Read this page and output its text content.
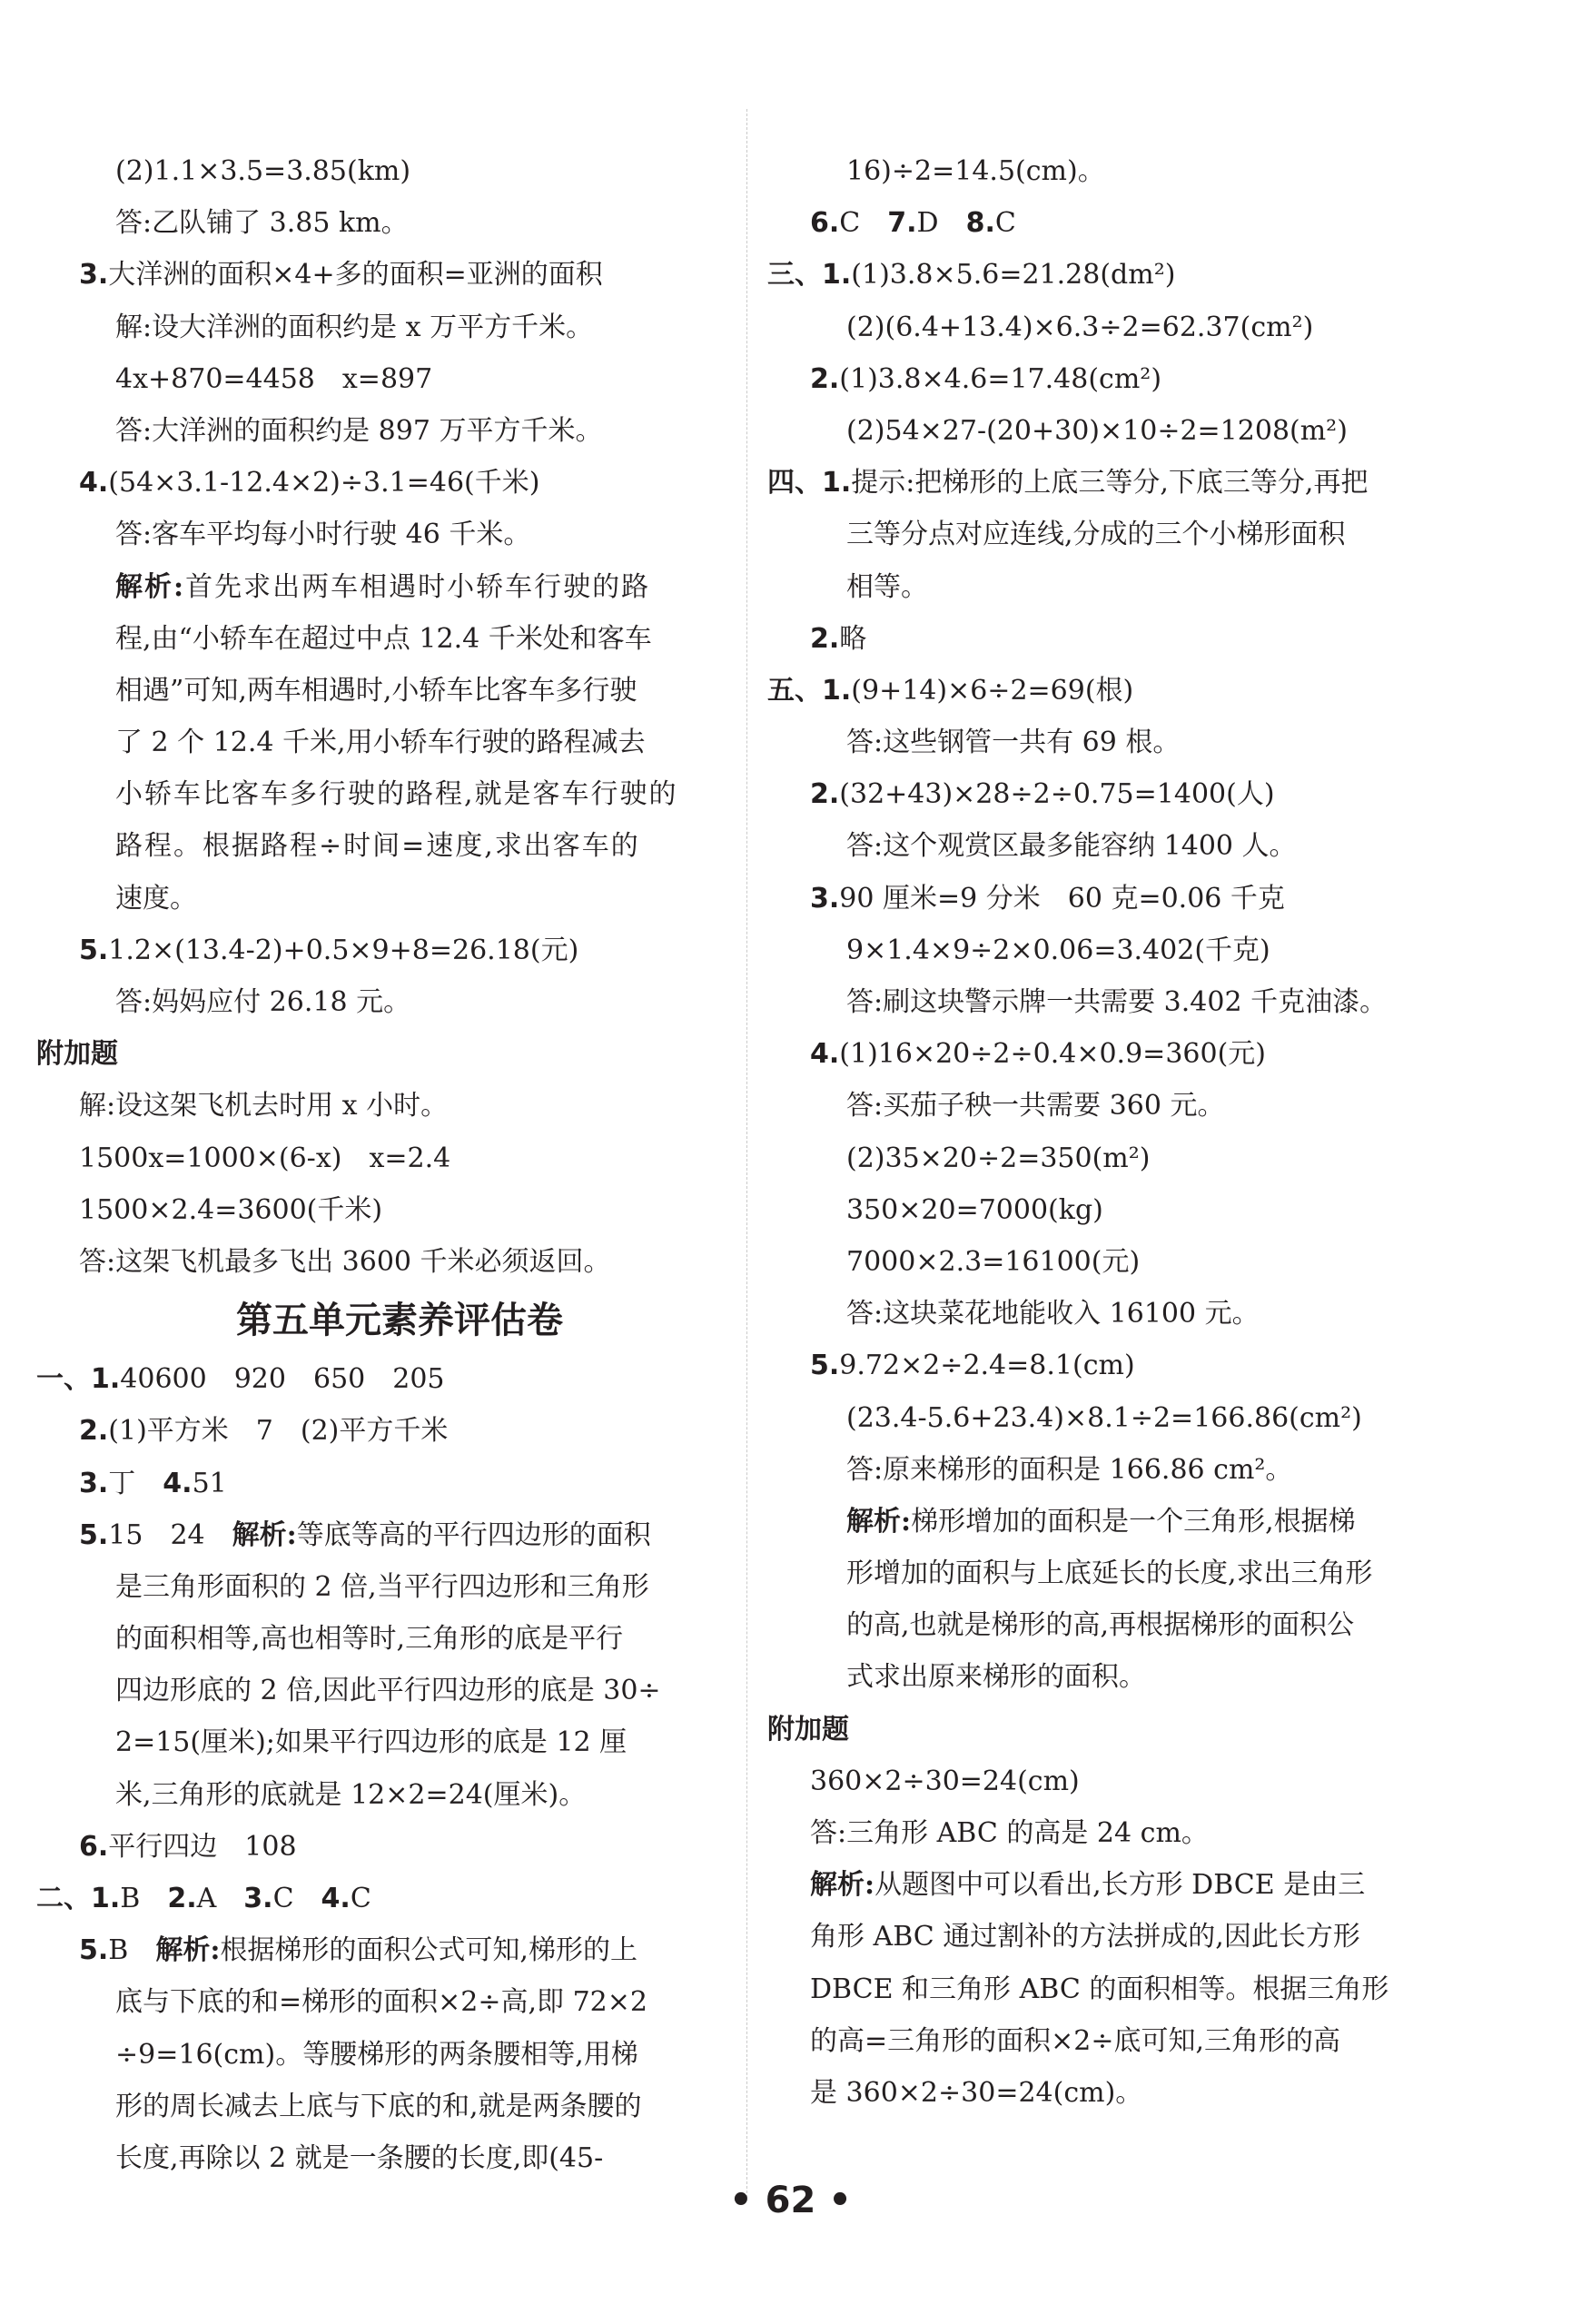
(2)1.1×3.5=3.85(km)
答:乙队铺了 3.85 km。
3.大洋洲的面积×4+多的面积=亚洲的面积
解:设大洋洲的面积约是 x 万平方千米。
4x+870=4458　x=897
答:大洋洲的面积约是 897 万平方千米。
4.(54×3.1-12.4×2)÷3.1=46(千米)
答:客车平均每小时行驶 46 千米。
解析:首先求出两车相遇时小轿车行驶的路
程,由“小轿车在超过中点 12.4 千米处和客车
相遇”可知,两车相遇时,小轿车比客车多行驶
了 2 个 12.4 千米,用小轿车行驶的路程减去
小轿车比客车多行驶的路程,就是客车行驶的
路程。根据路程÷时间=速度,求出客车的
速度。
5.1.2×(13.4-2)+0.5×9+8=26.18(元)
答:妈妈应付 26.18 元。
附加题
解:设这架飞机去时用 x 小时。
1500x=1000×(6-x)　x=2.4
1500×2.4=3600(千米)
答:这架飞机最多飞出 3600 千米必须返回。
第五单元素养评估卷
一、1.40600　920　650　205
2.(1)平方米　7　(2)平方千米
3.丁　4.51
5.15　24　解析:等底等高的平行四边形的面积
是三角形面积的 2 倍,当平行四边形和三角形
的面积相等,高也相等时,三角形的底是平行
四边形底的 2 倍,因此平行四边形的底是 30÷
2=15(厘米);如果平行四边形的底是 12 厘
米,三角形的底就是 12×2=24(厘米)。
6.平行四边　108
二、1.B　2.A　3.C　4.C
5.B　解析:根据梯形的面积公式可知,梯形的上
底与下底的和=梯形的面积×2÷高,即 72×2
÷9=16(cm)。等腰梯形的两条腰相等,用梯
形的周长减去上底与下底的和,就是两条腰的
长度,再除以 2 就是一条腰的长度,即(45-
16)÷2=14.5(cm)。
6.C　7.D　8.C
三、1.(1)3.8×5.6=21.28(dm²)
(2)(6.4+13.4)×6.3÷2=62.37(cm²)
2.(1)3.8×4.6=17.48(cm²)
(2)54×27-(20+30)×10÷2=1208(m²)
四、1.提示:把梯形的上底三等分,下底三等分,再把
三等分点对应连线,分成的三个小梯形面积
相等。
2.略
五、1.(9+14)×6÷2=69(根)
答:这些钢管一共有 69 根。
2.(32+43)×28÷2÷0.75=1400(人)
答:这个观赏区最多能容纳 1400 人。
3.90 厘米=9 分米　60 克=0.06 千克
9×1.4×9÷2×0.06=3.402(千克)
答:刷这块警示牌一共需要 3.402 千克油漆。
4.(1)16×20÷2÷0.4×0.9=360(元)
答:买茄子秧一共需要 360 元。
(2)35×20÷2=350(m²)
350×20=7000(kg)
7000×2.3=16100(元)
答:这块菜花地能收入 16100 元。
5.9.72×2÷2.4=8.1(cm)
(23.4-5.6+23.4)×8.1÷2=166.86(cm²)
答:原来梯形的面积是 166.86 cm²。
解析:梯形增加的面积是一个三角形,根据梯
形增加的面积与上底延长的长度,求出三角形
的高,也就是梯形的高,再根据梯形的面积公
式求出原来梯形的面积。
附加题
360×2÷30=24(cm)
答:三角形 ABC 的高是 24 cm。
解析:从题图中可以看出,长方形 DBCE 是由三
角形 ABC 通过割补的方法拼成的,因此长方形
DBCE 和三角形 ABC 的面积相等。根据三角形
的高=三角形的面积×2÷底可知,三角形的高
是 360×2÷30=24(cm)。
• 62 •
